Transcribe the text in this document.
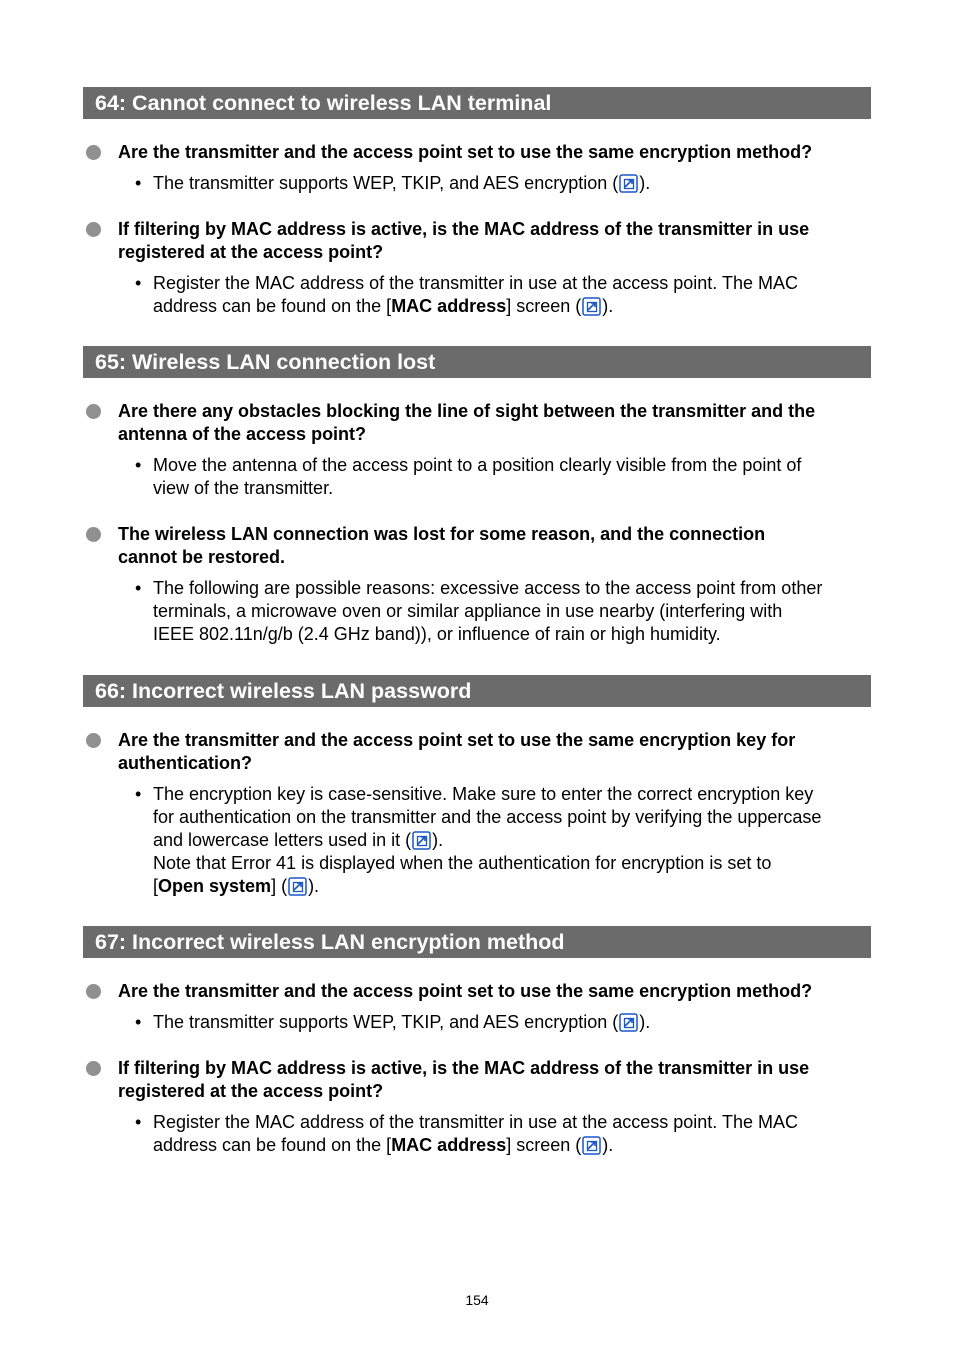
64: Cannot connect to wireless LAN terminal
Are the transmitter and the access point set to use the same encryption method?
• The transmitter supports WEP, TKIP, and AES encryption ( ).
If filtering by MAC address is active, is the MAC address of the transmitter in use
registered at the access point?
• Register the MAC address of the transmitter in use at the access point. The MAC
address can be found on the [MAC address] screen ( ).
65: Wireless LAN connection lost
Are there any obstacles blocking the line of sight between the transmitter and the
antenna of the access point?
• Move the antenna of the access point to a position clearly visible from the point of
view of the transmitter.
The wireless LAN connection was lost for some reason, and the connection
cannot be restored.
• The following are possible reasons: excessive access to the access point from other
terminals, a microwave oven or similar appliance in use nearby (interfering with
IEEE 802.11n/g/b (2.4 GHz band)), or influence of rain or high humidity.
66: Incorrect wireless LAN password
Are the transmitter and the access point set to use the same encryption key for
authentication?
• The encryption key is case-sensitive. Make sure to enter the correct encryption key
for authentication on the transmitter and the access point by verifying the uppercase
and lowercase letters used in it ( ).
Note that Error 41 is displayed when the authentication for encryption is set to
[Open system] ( ).
67: Incorrect wireless LAN encryption method
Are the transmitter and the access point set to use the same encryption method?
• The transmitter supports WEP, TKIP, and AES encryption ( ).
If filtering by MAC address is active, is the MAC address of the transmitter in use
registered at the access point?
• Register the MAC address of the transmitter in use at the access point. The MAC
address can be found on the [MAC address] screen ( ).
154
